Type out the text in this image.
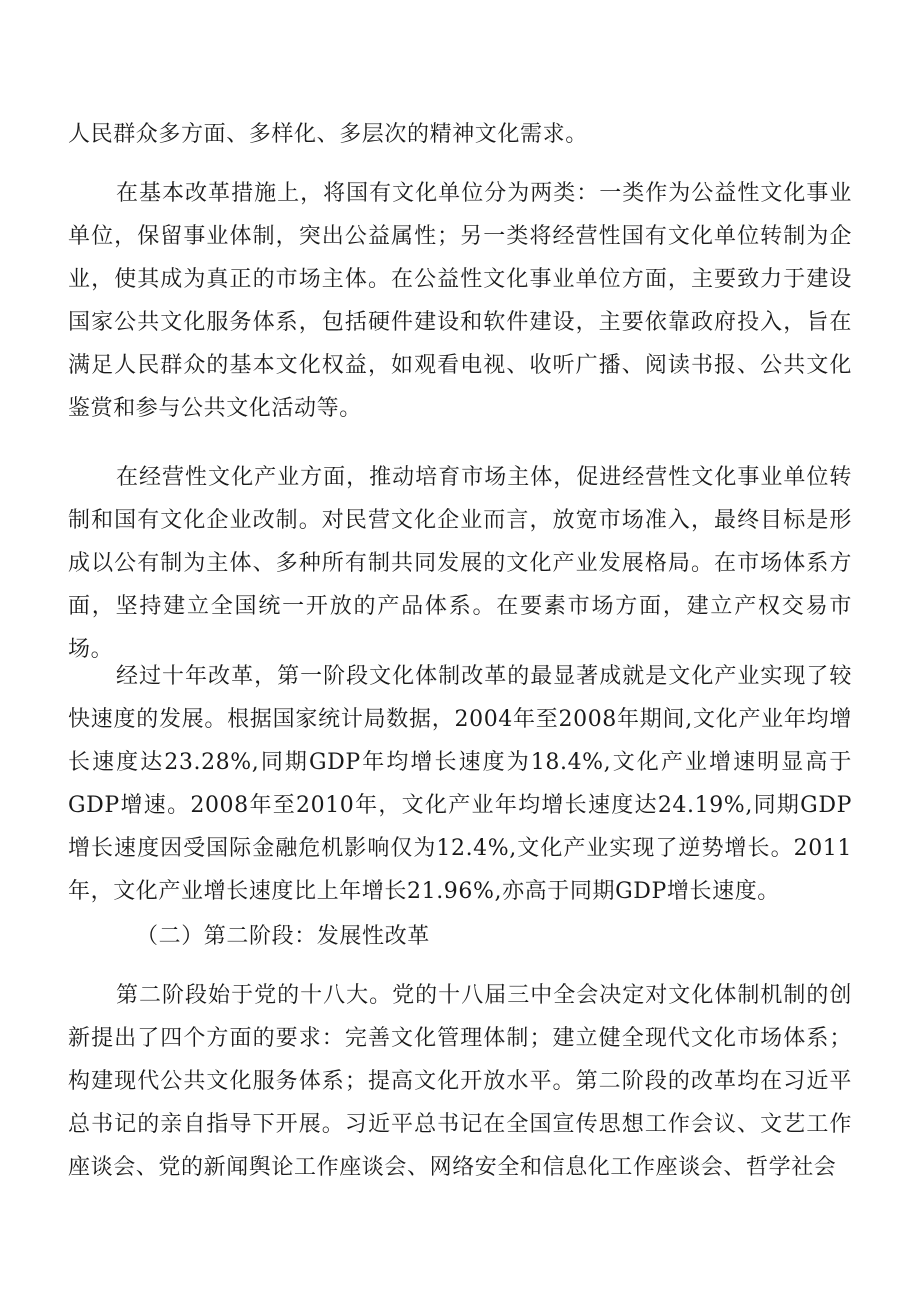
人民群众多方面、多样化、多层次的精神文化需求。

在基本改革措施上，将国有文化单位分为两类：一类作为公益性文化事业单位，保留事业体制，突出公益属性；另一类将经营性国有文化单位转制为企业，使其成为真正的市场主体。在公益性文化事业单位方面，主要致力于建设国家公共文化服务体系，包括硬件建设和软件建设，主要依靠政府投入，旨在满足人民群众的基本文化权益，如观看电视、收听广播、阅读书报、公共文化鉴赏和参与公共文化活动等。

在经营性文化产业方面，推动培育市场主体，促进经营性文化事业单位转制和国有文化企业改制。对民营文化企业而言，放宽市场准入，最终目标是形成以公有制为主体、多种所有制共同发展的文化产业发展格局。在市场体系方面，坚持建立全国统一开放的产品体系。在要素市场方面，建立产权交易市场。

经过十年改革，第一阶段文化体制改革的最显著成就是文化产业实现了较快速度的发展。根据国家统计局数据，2004年至2008年期间,文化产业年均增长速度达23.28%,同期GDP年均增长速度为18.4%,文化产业增速明显高于GDP增速。2008年至2010年，文化产业年均增长速度达24.19%,同期GDP增长速度因受国际金融危机影响仅为12.4%,文化产业实现了逆势增长。2011年，文化产业增长速度比上年增长21.96%,亦高于同期GDP增长速度。

（二）第二阶段：发展性改革

第二阶段始于党的十八大。党的十八届三中全会决定对文化体制机制的创新提出了四个方面的要求：完善文化管理体制；建立健全现代文化市场体系；构建现代公共文化服务体系；提高文化开放水平。第二阶段的改革均在习近平总书记的亲自指导下开展。习近平总书记在全国宣传思想工作会议、文艺工作座谈会、党的新闻舆论工作座谈会、网络安全和信息化工作座谈会、哲学社会
